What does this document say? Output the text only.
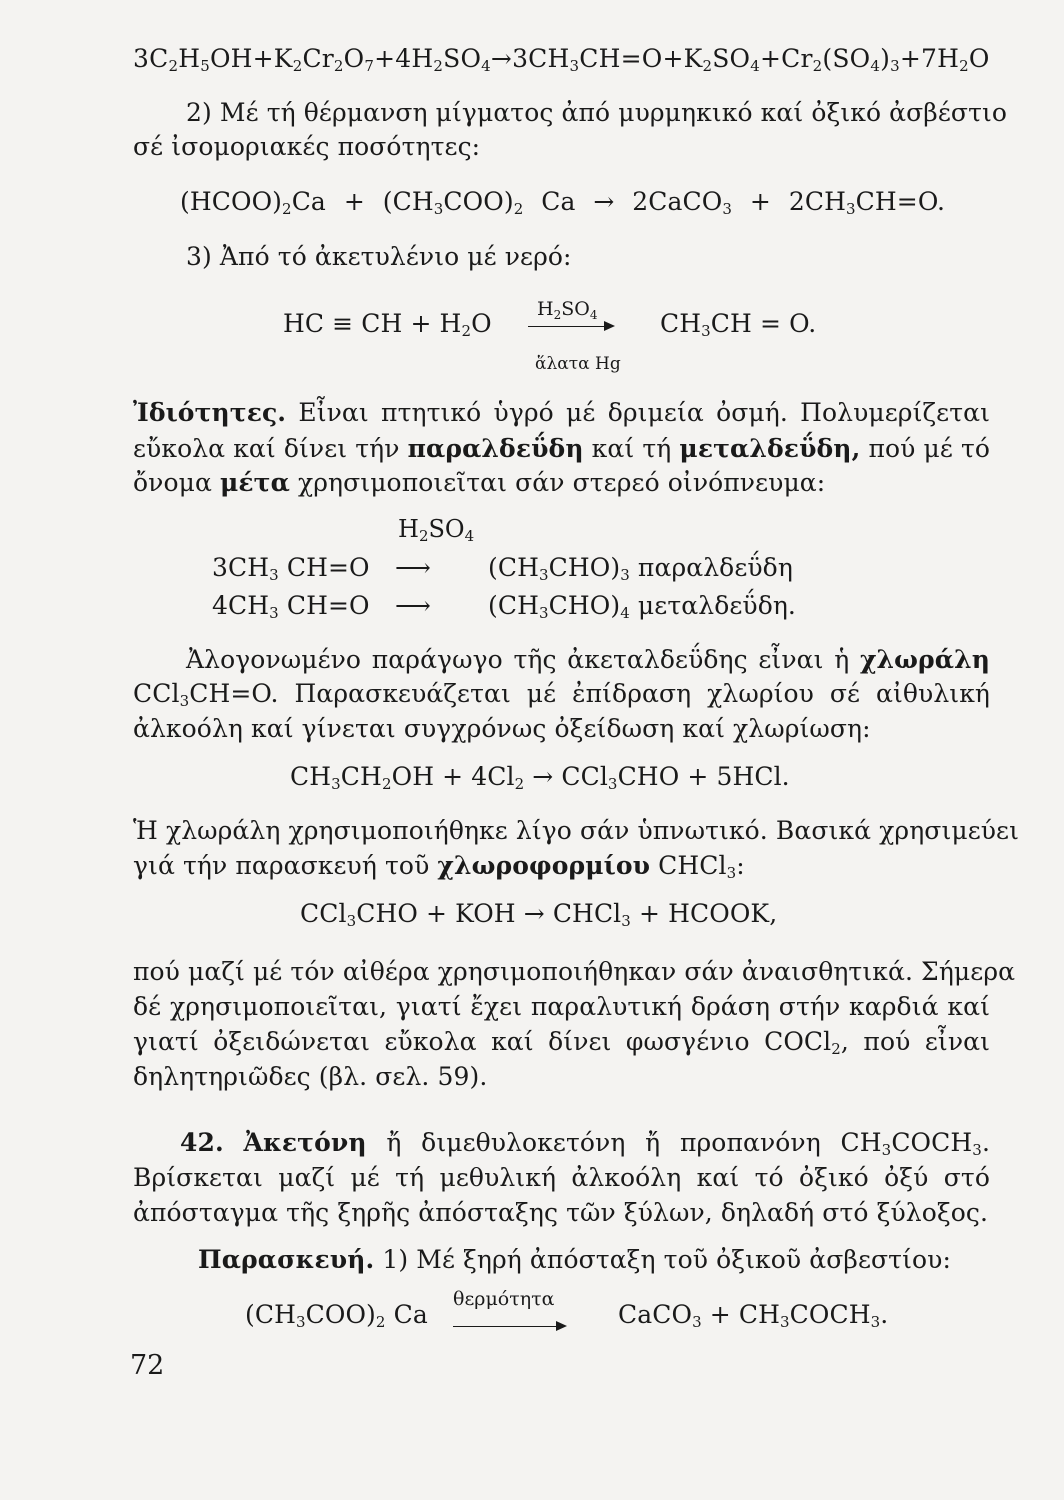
$3C_2H_5OH+K_2Cr_2O_7+4H_2SO_4\to 3CH_3CH=O+K_2SO_4+Cr_2(SO_4)_3+7H_2O$
2) Μέ τή θέρμανση μίγματος ἀπό μυρμηκικό καί ὀξικό ἀσβέστιο
σέ ἰσομοριακές ποσότητες:
$(HCOO)_2Ca + (CH_3COO)_2$ Ca → 2CaCO$_3$ + $2CH_3CH=O$.
3) Ἀπό τό ἀκετυλένιο μέ νερό:
HC ≡ CH + $H_2O$ $H_2SO_4$	$CH_3CH = O$.
ἅλατα Hg
Ἰδιότητες. Εἶναι πτητικό ὑγρό μέ δριμεία ὀσμή. Πολυμερίζεται
εὔκολα καί δίνει τήν παραλδεΰδη καί τή μεταλδεΰδη, πού μέ τό
ὄνομα μέτα χρησιμοποιεῖται σάν στερεό οἰνόπνευμα:
$H_2SO_4$
$3CH_3$ CH=O ⟶ $(CH_3CHO)_3$ παραλδεΰδη
$4CH_3$ CH=O ⟶ $(CH_3CHO)_4$ μεταλδεΰδη.
Ἀλογονωμένο παράγωγο τῆς ἀκεταλδεΰδης εἶναι ἡ χλωράλη
CCl$_3$CH=O. Παρασκευάζεται μέ ἐπίδραση χλωρίου σέ αἰθυλική
ἀλκοόλη καί γίνεται συγχρόνως ὀξείδωση καί χλωρίωση:
$CH_3CH_2OH + 4Cl_2 \to CCl_3CHO + 5HCl$.
Ἡ χλωράλη χρησιμοποιήθηκε λίγο σάν ὑπνωτικό. Βασικά χρησιμεύει
γιά τήν παρασκευή τοῦ χλωροφορμίου CHCl$_3$:
CCl$_3$CHO + KOH → CHCl$_3$ + HCOOK,
πού μαζί μέ τόν αἰθέρα χρησιμοποιήθηκαν σάν ἀναισθητικά. Σήμερα
δέ χρησιμοποιεῖται, γιατί ἔχει παραλυτική δράση στήν καρδιά καί
γιατί ὀξειδώνεται εὔκολα καί δίνει φωσγένιο COCl$_2$, πού εἶναι
δηλητηριῶδες (βλ. σελ. 59).
42. Ἀκετόνη ἤ διμεθυλοκετόνη ἤ προπανόνη $CH_3COCH_3$.
Βρίσκεται μαζί μέ τή μεθυλική ἀλκοόλη καί τό ὀξικό ὀξύ στό
ἀπόσταγμα τῆς ξηρῆς ἀπόσταξης τῶν ξύλων, δηλαδή στό ξύλοξος.
Παρασκευή. 1) Μέ ξηρή ἀπόσταξη τοῦ ὀξικοῦ ἀσβεστίου:
$(CH_3COO)_2$ Ca
θερμότητα
CaCO$_3$ + $CH_3COCH_3$.
72
